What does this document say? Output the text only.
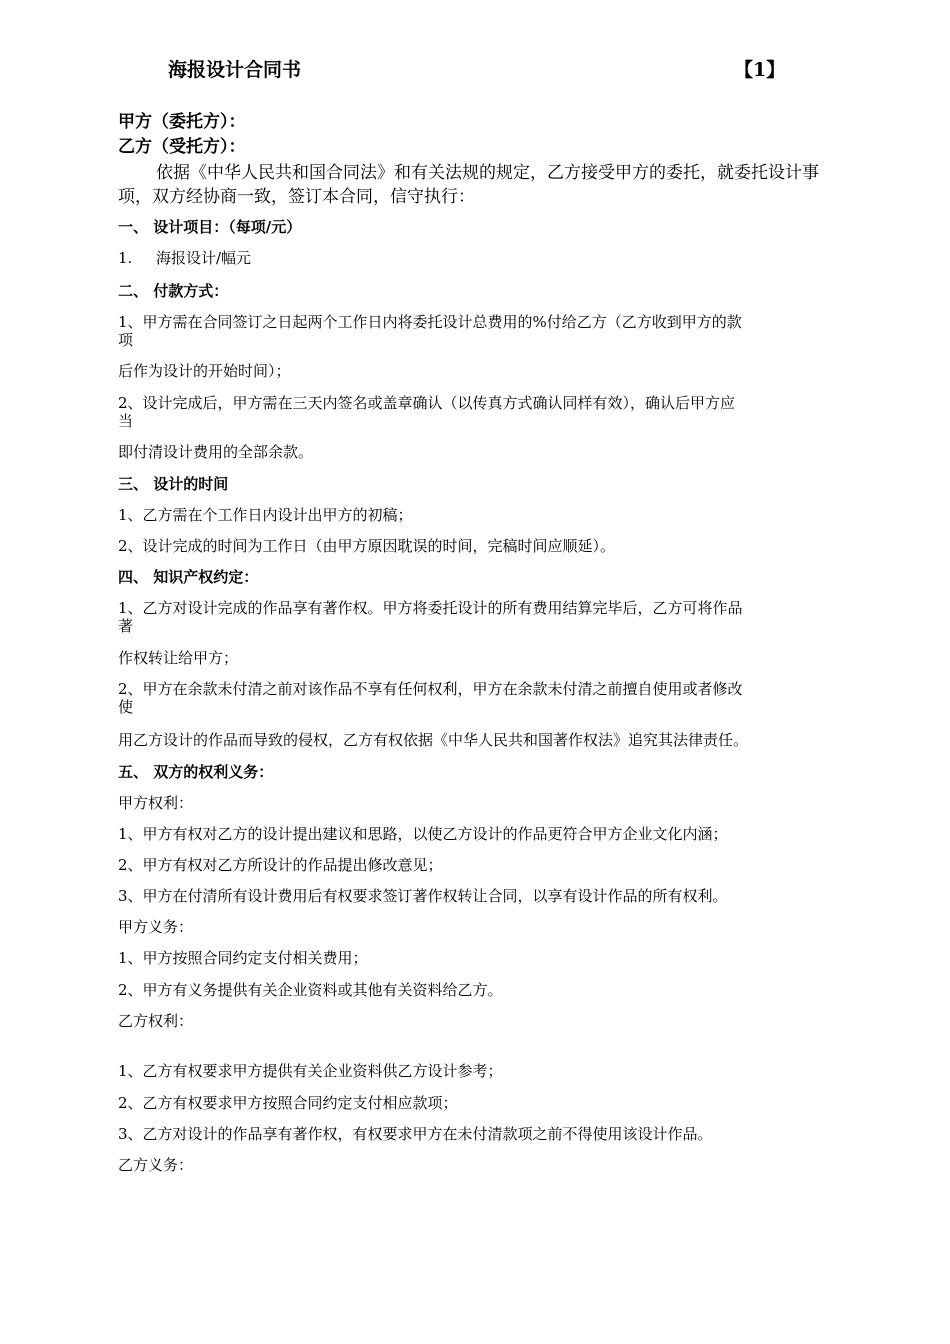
海报设计合同书	【1】
甲方（委托方）：
乙方（受托方）：
依据《中华人民共和国合同法》和有关法规的规定，乙方接受甲方的委托，就委托设计事项，双方经协商一致，签订本合同，信守执行：
一、 设计项目：（每项/元）
1. 海报设计/幅元
二、 付款方式：
1、甲方需在合同签订之日起两个工作日内将委托设计总费用的%付给乙方（乙方收到甲方的款
项
后作为设计的开始时间）；
2、设计完成后，甲方需在三天内签名或盖章确认（以传真方式确认同样有效），确认后甲方应
当
即付清设计费用的全部余款。
三、 设计的时间
1、乙方需在个工作日内设计出甲方的初稿；
2、设计完成的时间为工作日（由甲方原因耽误的时间，完稿时间应顺延）。
四、 知识产权约定：
1、乙方对设计完成的作品享有著作权。甲方将委托设计的所有费用结算完毕后，乙方可将作品
著
作权转让给甲方；
2、甲方在余款未付清之前对该作品不享有任何权利，甲方在余款未付清之前擅自使用或者修改
使
用乙方设计的作品而导致的侵权，乙方有权依据《中华人民共和国著作权法》追究其法律责任。
五、 双方的权利义务：
甲方权利：
1、甲方有权对乙方的设计提出建议和思路，以使乙方设计的作品更符合甲方企业文化内涵；
2、甲方有权对乙方所设计的作品提出修改意见；
3、甲方在付清所有设计费用后有权要求签订著作权转让合同，以享有设计作品的所有权利。
甲方义务：
1、甲方按照合同约定支付相关费用；
2、甲方有义务提供有关企业资料或其他有关资料给乙方。
乙方权利：
1、乙方有权要求甲方提供有关企业资料供乙方设计参考；
2、乙方有权要求甲方按照合同约定支付相应款项；
3、乙方对设计的作品享有著作权，有权要求甲方在未付清款项之前不得使用该设计作品。
乙方义务：
